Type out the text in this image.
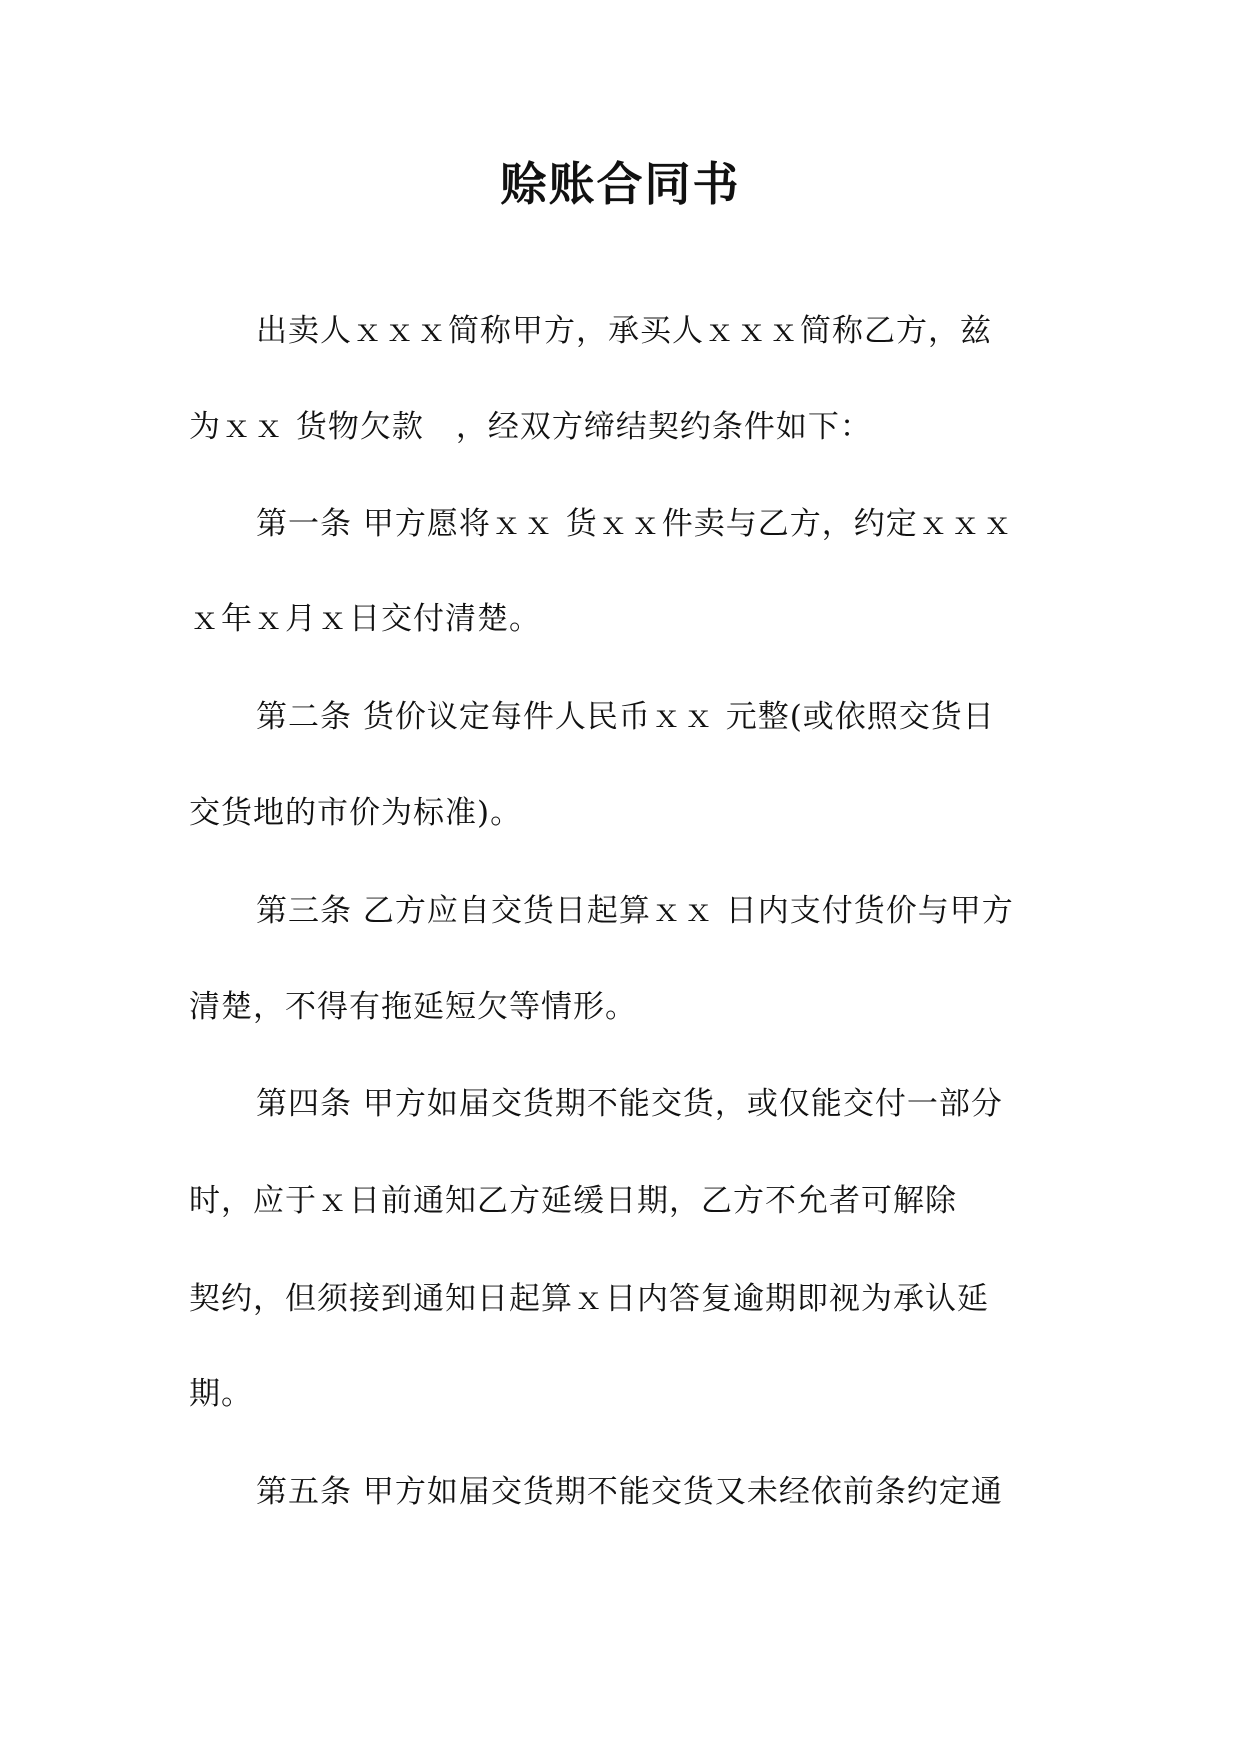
赊账合同书

出卖人ｘｘｘ简称甲方，承买人ｘｘｘ简称乙方，兹

为ｘｘ 货物欠款　，经双方缔结契约条件如下：

第一条 甲方愿将ｘｘ 货ｘｘ件卖与乙方，约定ｘｘｘ

ｘ年ｘ月ｘ日交付清楚。

第二条 货价议定每件人民币ｘｘ 元整(或依照交货日

交货地的市价为标准)。

第三条 乙方应自交货日起算ｘｘ 日内支付货价与甲方

清楚，不得有拖延短欠等情形。

第四条 甲方如届交货期不能交货，或仅能交付一部分

时，应于ｘ日前通知乙方延缓日期，乙方不允者可解除

契约，但须接到通知日起算ｘ日内答复逾期即视为承认延

期。

第五条 甲方如届交货期不能交货又未经依前条约定通
